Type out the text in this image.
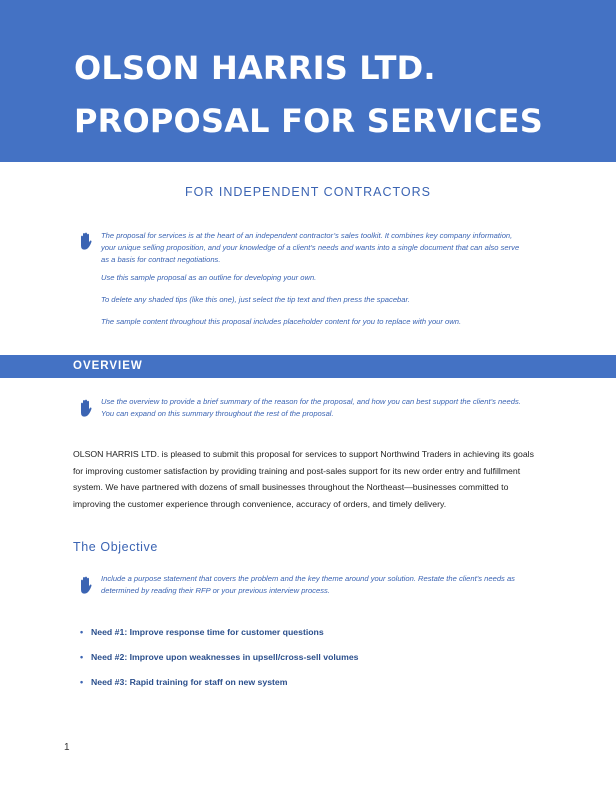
OLSON HARRIS LTD.
PROPOSAL FOR SERVICES
FOR INDEPENDENT CONTRACTORS

The proposal for services is at the heart of an independent contractor’s sales toolkit. It combines key company information, your unique selling proposition, and your knowledge of a client’s needs and wants into a single document that can also serve as a basis for contract negotiations.

Use this sample proposal as an outline for developing your own.

To delete any shaded tips (like this one), just select the tip text and then press the spacebar.

The sample content throughout this proposal includes placeholder content for you to replace with your own.

OVERVIEW

Use the overview to provide a brief summary of the reason for the proposal, and how you can best support the client’s needs. You can expand on this summary throughout the rest of the proposal.

OLSON HARRIS LTD. is pleased to submit this proposal for services to support Northwind Traders in achieving its goals for improving customer satisfaction by providing training and post-sales support for its new order entry and fulfillment system. We have partnered with dozens of small businesses throughout the Northeast—businesses committed to improving the customer experience through convenience, accuracy of orders, and timely delivery.
The Objective

Include a purpose statement that covers the problem and the key theme around your solution. Restate the client’s needs as determined by reading their RFP or your previous interview process.

• Need #1: Improve response time for customer questions
• Need #2: Improve upon weaknesses in upsell/cross-sell volumes
• Need #3: Rapid training for staff on new system
1
